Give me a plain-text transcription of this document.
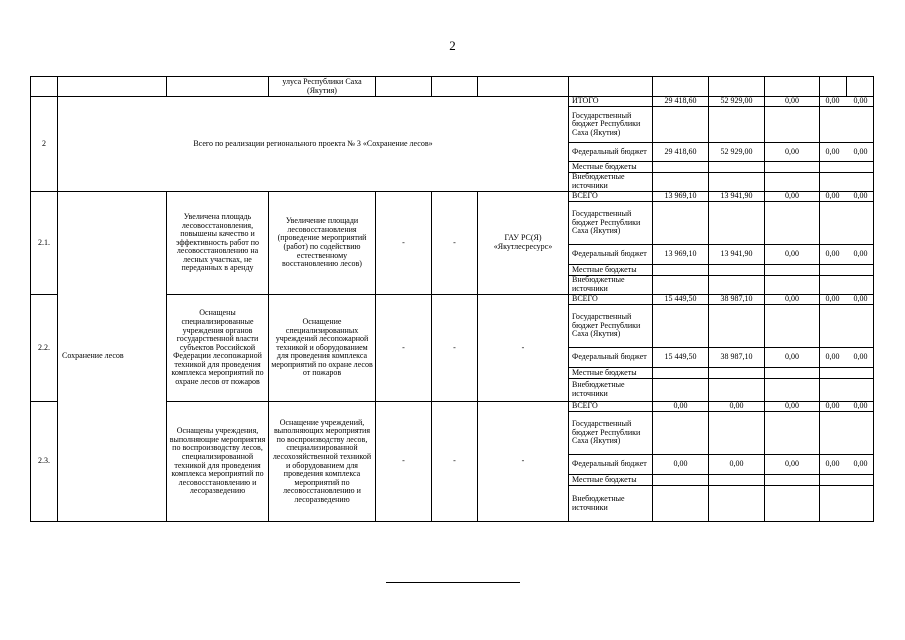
2
			улуса Республики Саха (Якутия)									
2	Всего по реализации регионального проекта № 3 «Сохранение лесов»						ИТОГО	29 418,60	52 929,00	0,00	0,00 0,00	
							Государственный бюджет Республики Саха (Якутия)					
							Федеральный бюджет	29 418,60	52 929,00	0,00	0,00 0,00	
							Местные бюджеты					
							Внебюджетные источники					
2.1.	Сохранение лесов	Увеличена площадь лесовосстановления, повышены качество и эффективность работ по лесовосстановлению на лесных участках, не переданных в аренду	Увеличение площади лесовосстановления (проведение мероприятий (работ) по содействию естественному восстановлению лесов)	-	-	ГАУ РС(Я) «Якутлесресурс»	ВСЕГО	13 969,10	13 941,90	0,00	0,00 0,00	
							Государственный бюджет Республики Саха (Якутия)					
							Федеральный бюджет	13 969,10	13 941,90	0,00	0,00 0,00	
							Местные бюджеты					
							Внебюджетные источники					
2.2.		Оснащены специализированные учреждения органов государственной власти субъектов Российской Федерации лесопожарной техникой для проведения комплекса мероприятий по охране лесов от пожаров	Оснащение специализированных учреждений лесопожарной техникой и оборудованием для проведения комплекса мероприятий по охране лесов от пожаров	-	-	-	ВСЕГО	15 449,50	38 987,10	0,00	0,00 0,00	
							Государственный бюджет Республики Саха (Якутия)					
							Федеральный бюджет	15 449,50	38 987,10	0,00	0,00 0,00	
							Местные бюджеты					
							Внебюджетные источники					
2.3.		Оснащены учреждения, выполняющие мероприятия по воспроизводству лесов, специализированной техникой для проведения комплекса мероприятий по лесовосстановлению и лесоразведению	Оснащение учреждений, выполняющих мероприятия по воспроизводству лесов, специализированной лесохозяйственной техникой и оборудованием для проведения комплекса мероприятий по лесовосстановлению и лесоразведению	-	-	-	ВСЕГО	0,00	0,00	0,00	0,00 0,00	
							Государственный бюджет Республики Саха (Якутия)					
							Федеральный бюджет	0,00	0,00	0,00	0,00 0,00	
							Местные бюджеты					
							Внебюджетные источники					
